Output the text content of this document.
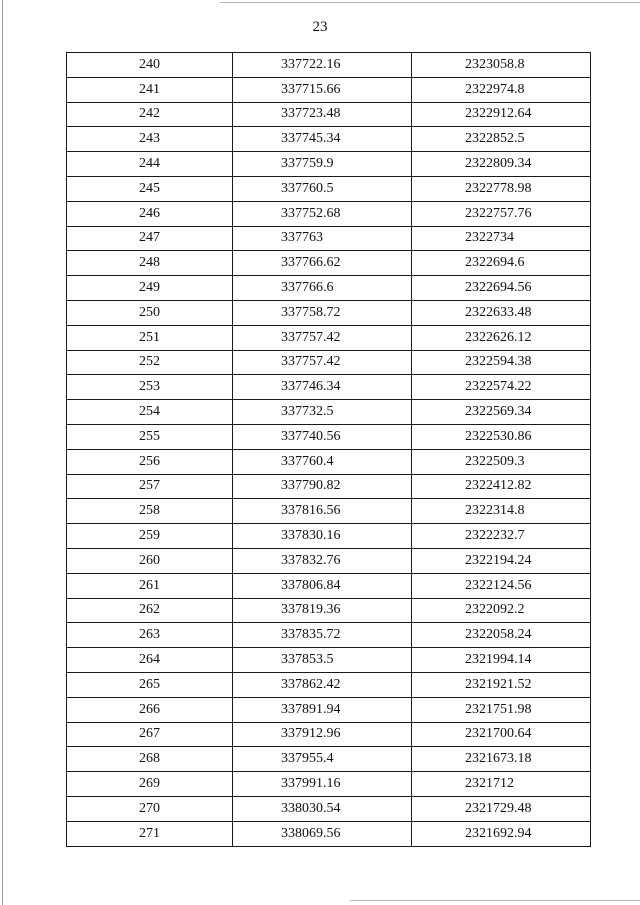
23
240	337722.16	2323058.8
241	337715.66	2322974.8
242	337723.48	2322912.64
243	337745.34	2322852.5
244	337759.9	2322809.34
245	337760.5	2322778.98
246	337752.68	2322757.76
247	337763	2322734
248	337766.62	2322694.6
249	337766.6	2322694.56
250	337758.72	2322633.48
251	337757.42	2322626.12
252	337757.42	2322594.38
253	337746.34	2322574.22
254	337732.5	2322569.34
255	337740.56	2322530.86
256	337760.4	2322509.3
257	337790.82	2322412.82
258	337816.56	2322314.8
259	337830.16	2322232.7
260	337832.76	2322194.24
261	337806.84	2322124.56
262	337819.36	2322092.2
263	337835.72	2322058.24
264	337853.5	2321994.14
265	337862.42	2321921.52
266	337891.94	2321751.98
267	337912.96	2321700.64
268	337955.4	2321673.18
269	337991.16	2321712
270	338030.54	2321729.48
271	338069.56	2321692.94
